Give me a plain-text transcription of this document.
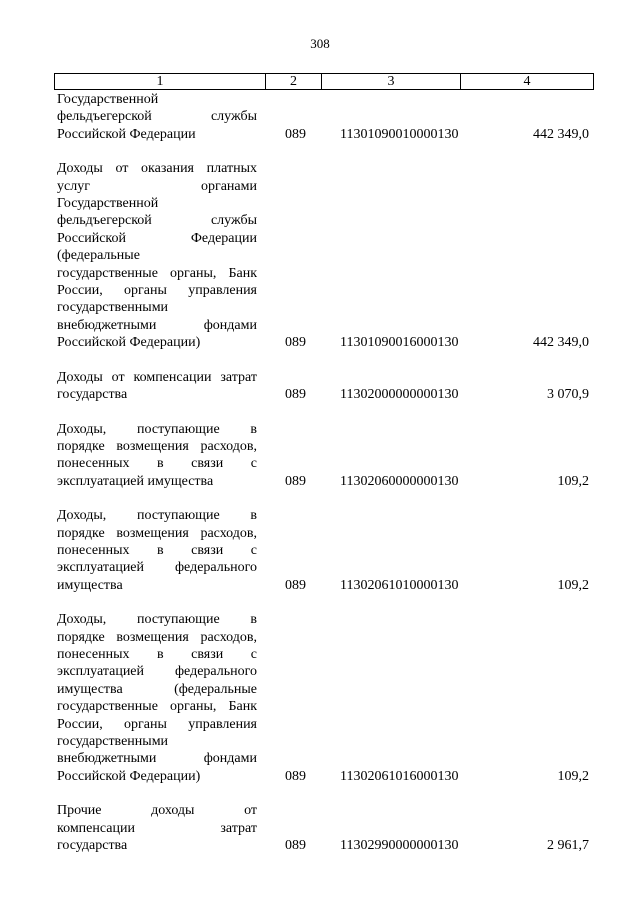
308
1	2	3	4
Государственной
фельдъегерской службы
Российской Федерации	089 11301090010000130	442 349,0
Доходы от оказания платных
услуг органами
Государственной
фельдъегерской службы
Российской Федерации
(федеральные
государственные органы, Банк
России, органы управления
государственными
внебюджетными фондами
Российской Федерации)	089 11301090016000130	442 349,0
Доходы от компенсации затрат
государства	089 11302000000000130	3 070,9
Доходы, поступающие в
порядке возмещения расходов,
понесенных в связи с
эксплуатацией имущества	089 11302060000000130	109,2
Доходы, поступающие в
порядке возмещения расходов,
понесенных в связи с
эксплуатацией федерального
имущества	089 11302061010000130	109,2
Доходы, поступающие в
порядке возмещения расходов,
понесенных в связи с
эксплуатацией федерального
имущества (федеральные
государственные органы, Банк
России, органы управления
государственными
внебюджетными фондами
Российской Федерации)	089 11302061016000130	109,2
Прочие доходы от
компенсации затрат
государства	089 11302990000000130	2 961,7
